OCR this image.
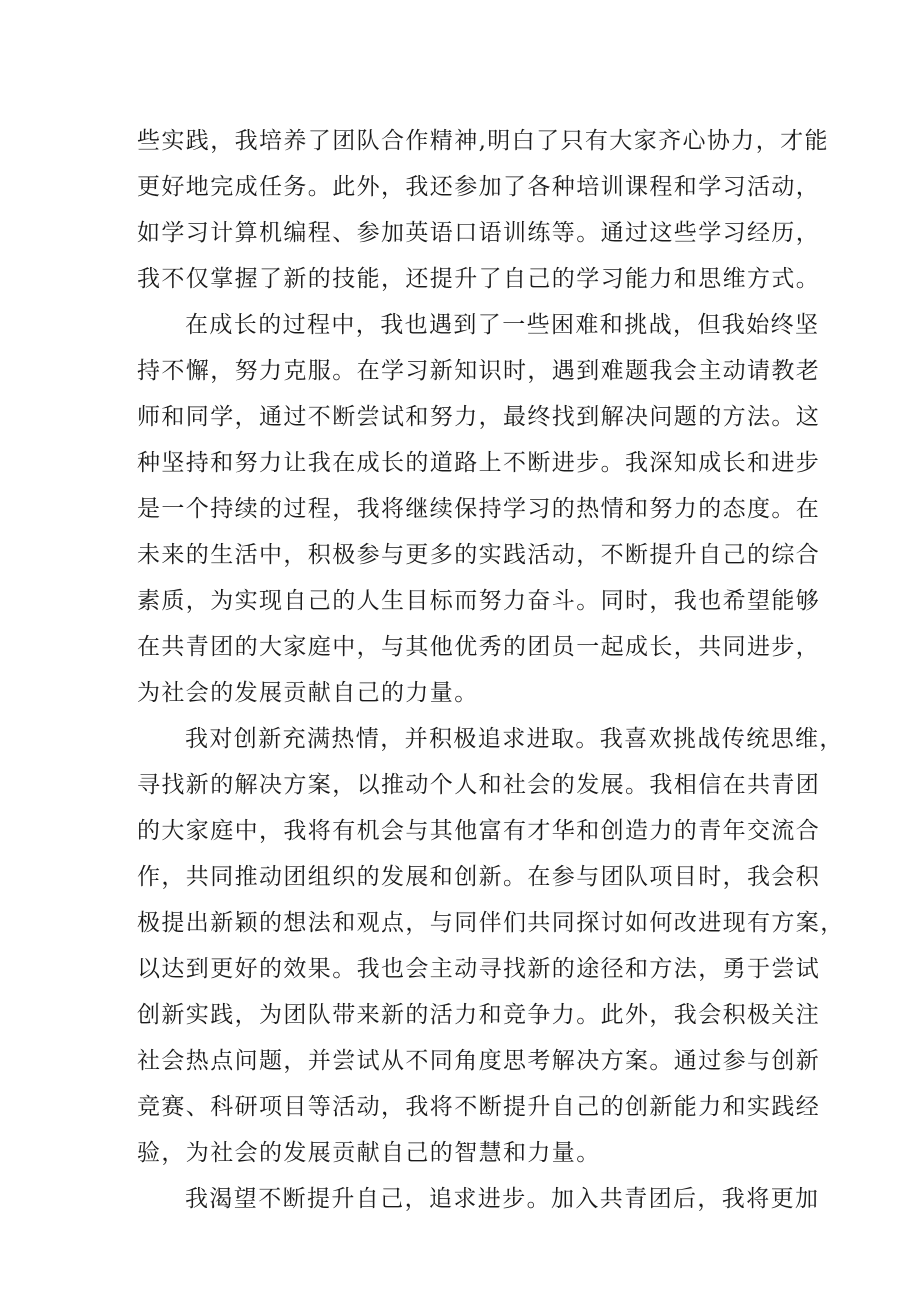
些实践，我培养了团队合作精神,明白了只有大家齐心协力，才能
更好地完成任务。此外，我还参加了各种培训课程和学习活动，
如学习计算机编程、参加英语口语训练等。通过这些学习经历，
我不仅掌握了新的技能，还提升了自己的学习能力和思维方式。
在成长的过程中，我也遇到了一些困难和挑战，但我始终坚
持不懈，努力克服。在学习新知识时，遇到难题我会主动请教老
师和同学，通过不断尝试和努力，最终找到解决问题的方法。这
种坚持和努力让我在成长的道路上不断进步。我深知成长和进步
是一个持续的过程，我将继续保持学习的热情和努力的态度。在
未来的生活中，积极参与更多的实践活动，不断提升自己的综合
素质，为实现自己的人生目标而努力奋斗。同时，我也希望能够
在共青团的大家庭中，与其他优秀的团员一起成长，共同进步，
为社会的发展贡献自己的力量。
我对创新充满热情，并积极追求进取。我喜欢挑战传统思维，
寻找新的解决方案，以推动个人和社会的发展。我相信在共青团
的大家庭中，我将有机会与其他富有才华和创造力的青年交流合
作，共同推动团组织的发展和创新。在参与团队项目时，我会积
极提出新颖的想法和观点，与同伴们共同探讨如何改进现有方案，
以达到更好的效果。我也会主动寻找新的途径和方法，勇于尝试
创新实践，为团队带来新的活力和竞争力。此外，我会积极关注
社会热点问题，并尝试从不同角度思考解决方案。通过参与创新
竞赛、科研项目等活动，我将不断提升自己的创新能力和实践经
验，为社会的发展贡献自己的智慧和力量。
我渴望不断提升自己，追求进步。加入共青团后，我将更加
